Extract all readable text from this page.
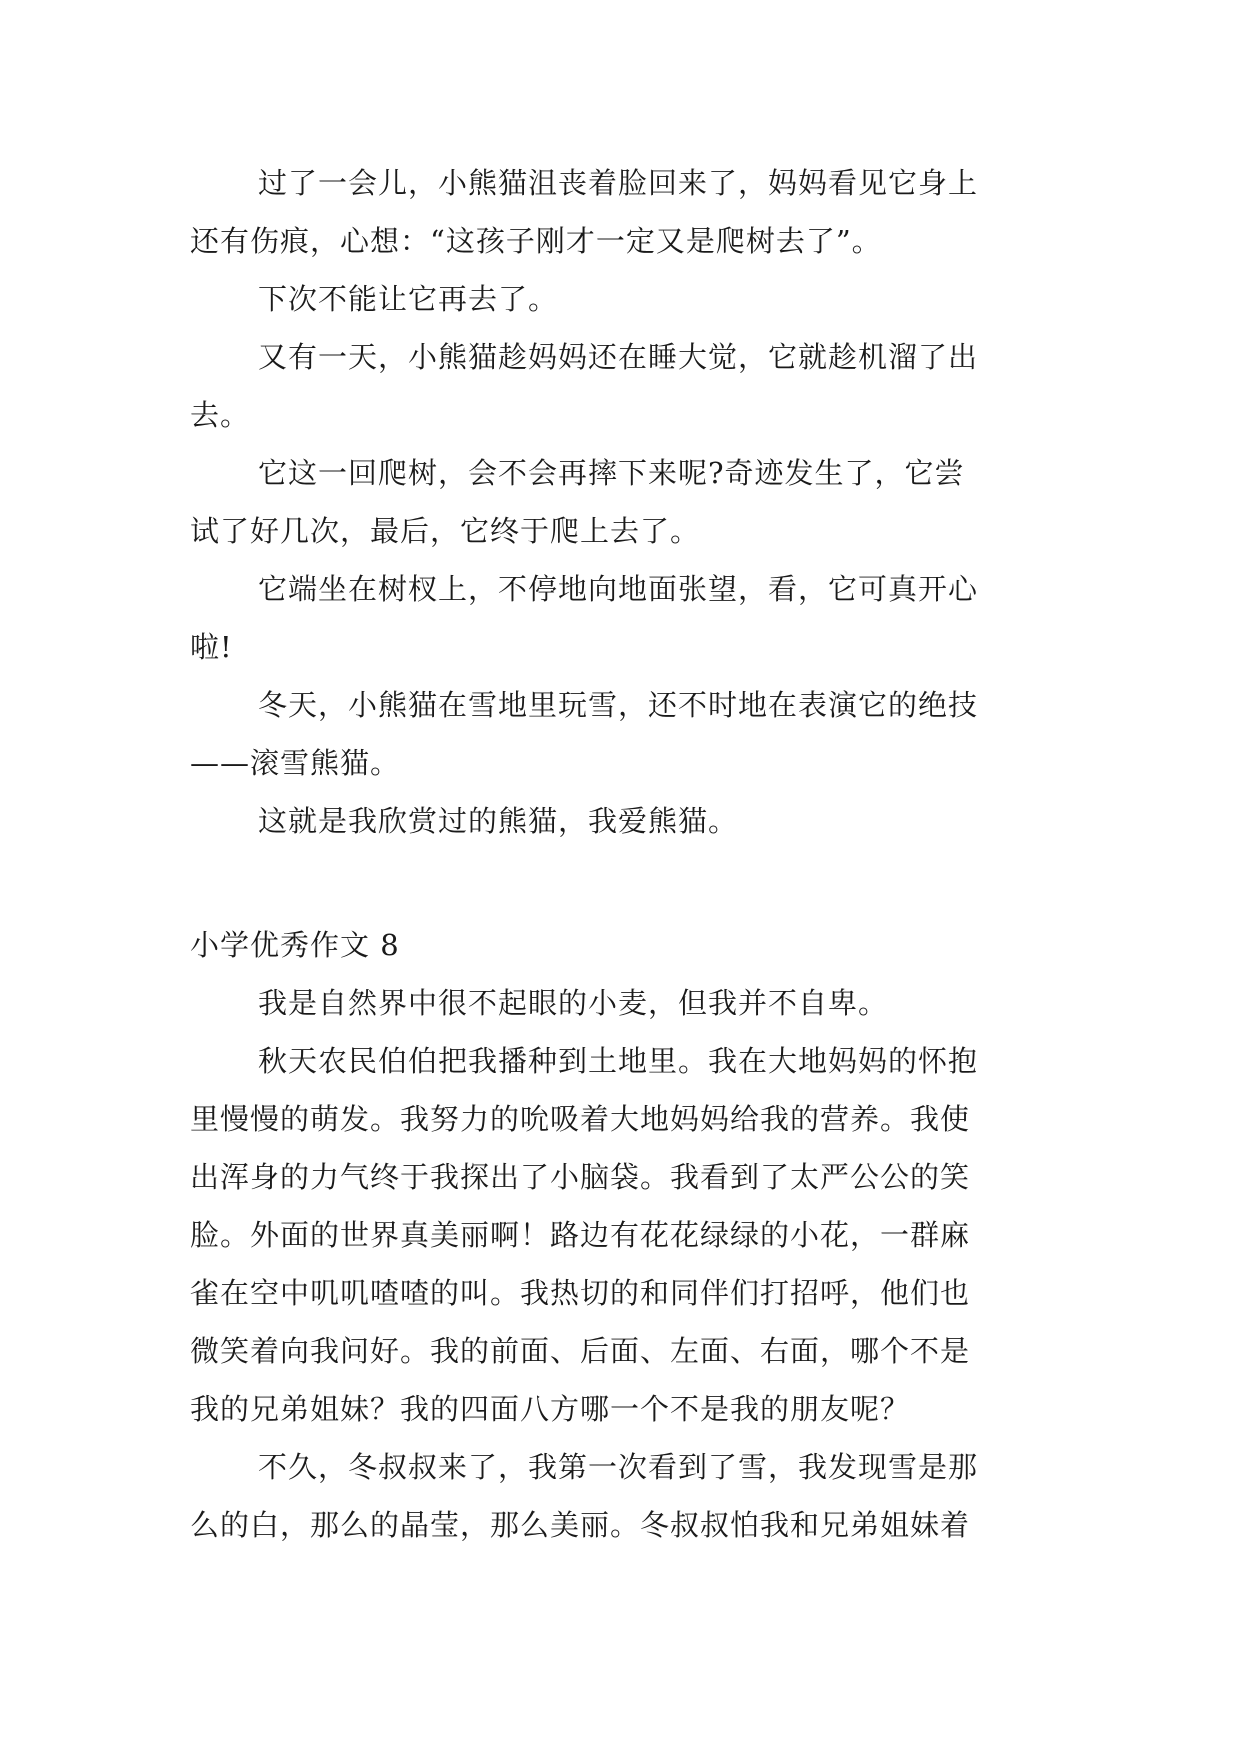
过了一会儿，小熊猫沮丧着脸回来了，妈妈看见它身上
还有伤痕，心想：“这孩子刚才一定又是爬树去了”。
下次不能让它再去了。
又有一天，小熊猫趁妈妈还在睡大觉，它就趁机溜了出
去。
它这一回爬树，会不会再摔下来呢?奇迹发生了，它尝
试了好几次，最后，它终于爬上去了。
它端坐在树杈上，不停地向地面张望，看，它可真开心
啦!
冬天，小熊猫在雪地里玩雪，还不时地在表演它的绝技
——滚雪熊猫。
这就是我欣赏过的熊猫，我爱熊猫。
小学优秀作文 8
我是自然界中很不起眼的小麦，但我并不自卑。
秋天农民伯伯把我播种到土地里。我在大地妈妈的怀抱
里慢慢的萌发。我努力的吮吸着大地妈妈给我的营养。我使
出浑身的力气终于我探出了小脑袋。我看到了太严公公的笑
脸。外面的世界真美丽啊！路边有花花绿绿的小花，一群麻
雀在空中叽叽喳喳的叫。我热切的和同伴们打招呼，他们也
微笑着向我问好。我的前面、后面、左面、右面，哪个不是
我的兄弟姐妹？我的四面八方哪一个不是我的朋友呢？
不久，冬叔叔来了，我第一次看到了雪，我发现雪是那
么的白，那么的晶莹，那么美丽。冬叔叔怕我和兄弟姐妹着
